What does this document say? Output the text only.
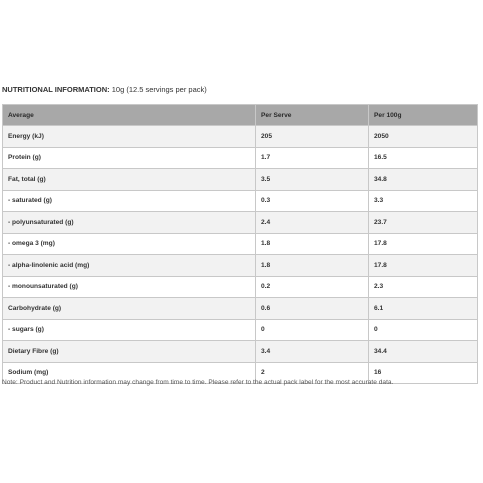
NUTRITIONAL INFORMATION: 10g (12.5 servings per pack)
Average	Per Serve	Per 100g
Energy (kJ)	205	2050
Protein (g)	1.7	16.5
Fat, total (g)	3.5	34.8
- saturated (g)	0.3	3.3
- polyunsaturated (g)	2.4	23.7
- omega 3 (mg)	1.8	17.8
- alpha-linolenic acid (mg)	1.8	17.8
- monounsaturated (g)	0.2	2.3
Carbohydrate (g)	0.6	6.1
- sugars (g)	0	0
Dietary Fibre (g)	3.4	34.4
Sodium (mg)	2	16
Note: Product and Nutrition information may change from time to time. Please refer to the actual pack label for the most accurate data.
